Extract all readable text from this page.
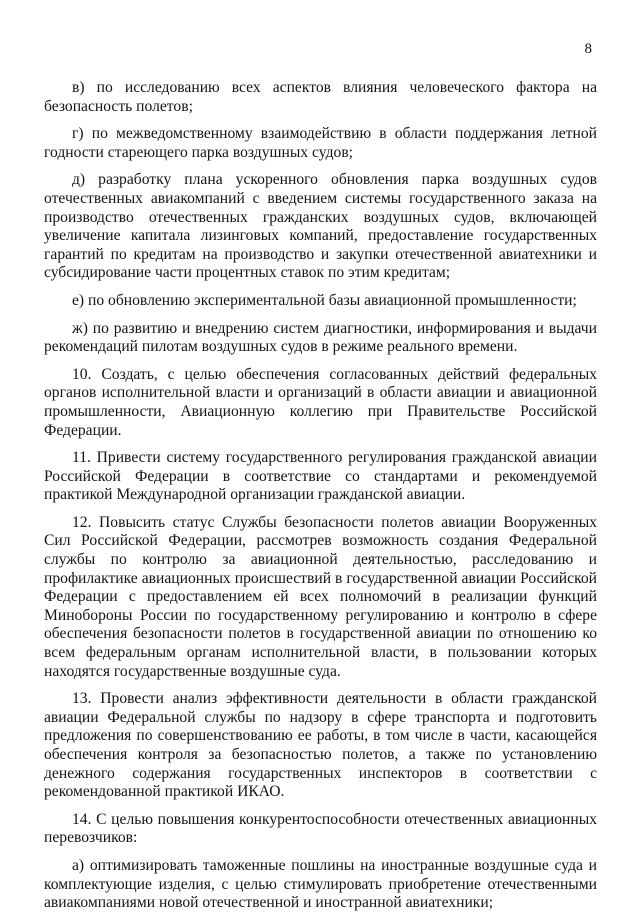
8

в) по исследованию всех аспектов влияния человеческого фактора на безопасность полетов;

г) по межведомственному взаимодействию в области поддержания летной годности стареющего парка воздушных судов;

д) разработку плана ускоренного обновления парка воздушных судов отечественных авиакомпаний с введением системы государственного заказа на производство отечественных гражданских воздушных судов, включающей увеличение капитала лизинговых компаний, предоставление государственных гарантий по кредитам на производство и закупки отечественной авиатехники и субсидирование части процентных ставок по этим кредитам;

е) по обновлению экспериментальной базы авиационной промышленности;

ж) по развитию и внедрению систем диагностики, информирования и выдачи рекомендаций пилотам воздушных судов в режиме реального времени.

10. Создать, с целью обеспечения согласованных действий федеральных органов исполнительной власти и организаций в области авиации и авиационной промышленности, Авиационную коллегию при Правительстве Российской Федерации.

11. Привести систему государственного регулирования гражданской авиации Российской Федерации в соответствие со стандартами и рекомендуемой практикой Международной организации гражданской авиации.

12. Повысить статус Службы безопасности полетов авиации Вооруженных Сил Российской Федерации, рассмотрев возможность создания Федеральной службы по контролю за авиационной деятельностью, расследованию и профилактике авиационных происшествий в государственной авиации Российской Федерации с предоставлением ей всех полномочий в реализации функций Минобороны России по государственному регулированию и контролю в сфере обеспечения безопасности полетов в государственной авиации по отношению ко всем федеральным органам исполнительной власти, в пользовании которых находятся государственные воздушные суда.

13. Провести анализ эффективности деятельности в области гражданской авиации Федеральной службы по надзору в сфере транспорта и подготовить предложения по совершенствованию ее работы, в том числе в части, касающейся обеспечения контроля за безопасностью полетов, а также по установлению денежного содержания государственных инспекторов в соответствии с рекомендованной практикой ИКАО.

14. С целью повышения конкурентоспособности отечественных авиационных перевозчиков:

а) оптимизировать таможенные пошлины на иностранные воздушные суда и комплектующие изделия, с целью стимулировать приобретение отечественными авиакомпаниями новой отечественной и иностранной авиатехники;
